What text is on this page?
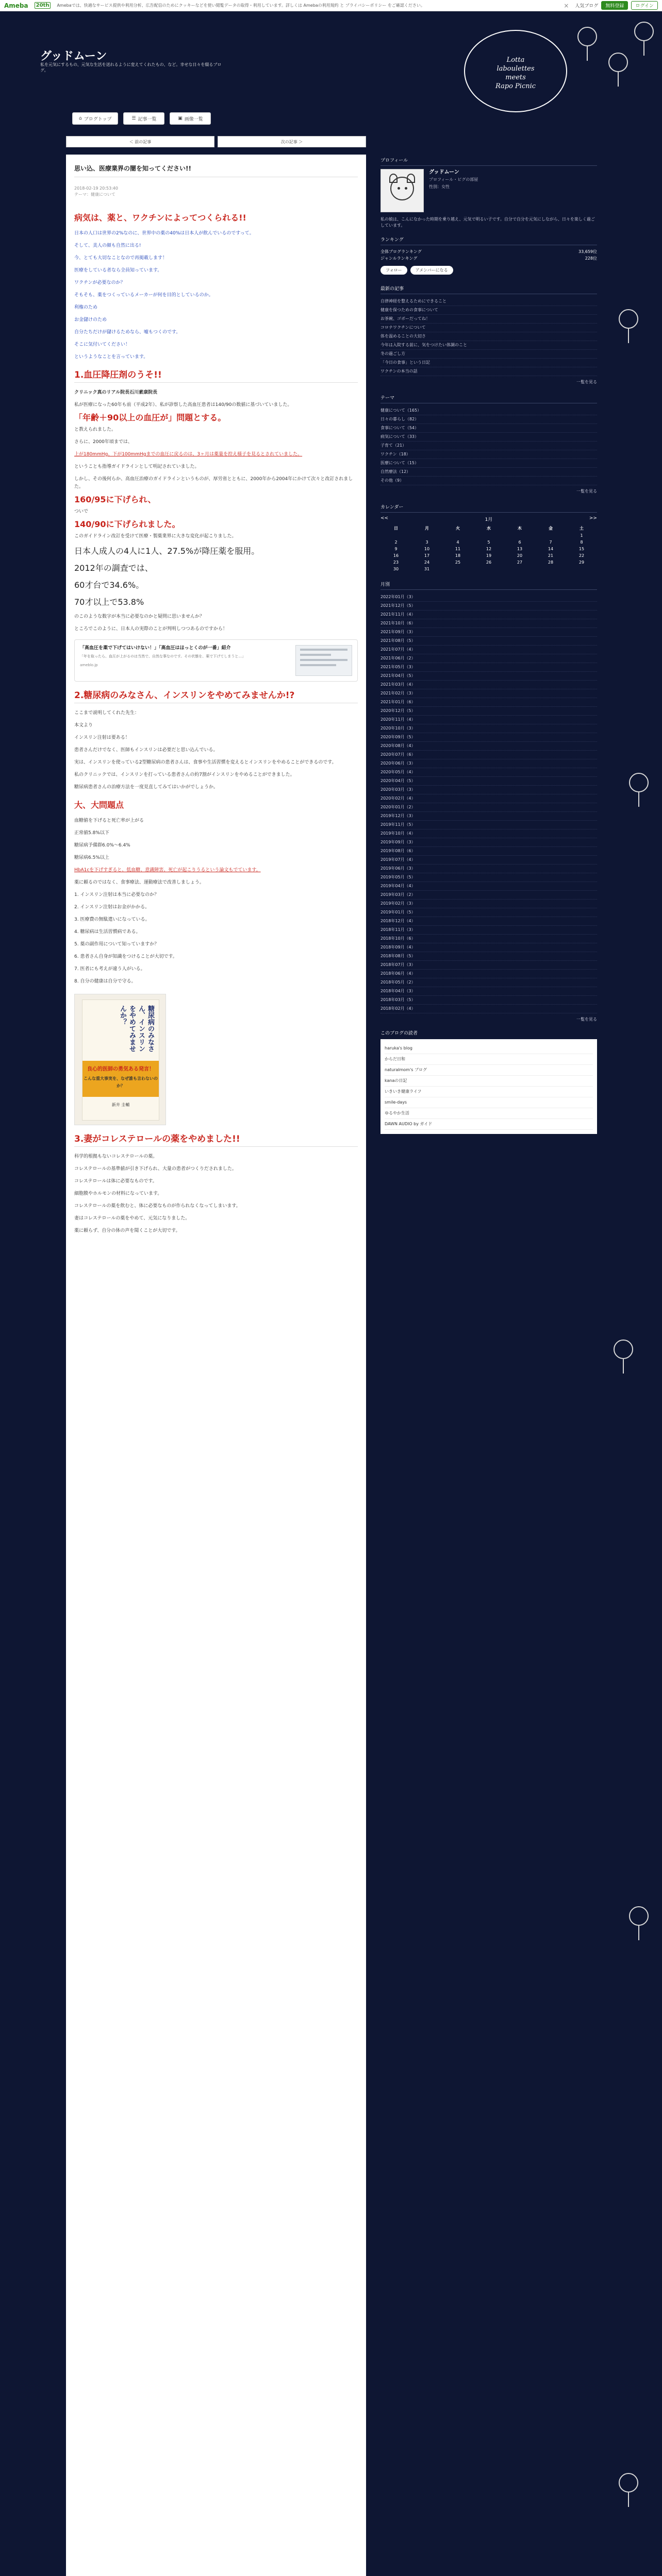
Ameba	20th	Amebaでは、快適なサービス提供や利用分析、広告配信のためにクッキーなどを使い閲覧データの取得・利用しています。詳しくは Amebaの利用規約 と プライバシーポリシー をご確認ください。	× 人気ブログ	無料登録	ログイン
グッドムーン
私を元気にするもの、元気な生活を送れるように変えてくれたもの、など。幸せな日々を綴るブログ。
Lotta
laboulettes
meets
Rapo Picnic
⌂ ブログトップ	☰ 記事一覧	▣ 画像一覧
＜ 前の記事	次の記事 ＞
思い込、医療業界の闇を知ってください!!
2018-02-19 20:53:40
テーマ：健康について
病気は、薬と、ワクチンによってつくられる!!

日本の人口は世界の2%なのに、世界中の薬の40%は日本人が飲んでいるのですって。

そして、美人の顔も自然に出る!

今、とても大切なことなので再掲載します！

医療をしている者なら全員知っています。

ワクチンが必要なのか？

そもそも、薬をつくっているメーカーが何を目的としているのか。

利権のため

お金儲けのため

自分たちだけが儲けるためなら、嘘もつくのです。

そこに気付いてください！

というようなことを言っています。

1.血圧降圧剤のうそ!!

クリニック真のリアル院長石川素康院長

私が医療になった60年も前（平成2年）、私が診察した高血圧患者は140/90の数値に基づいていました。

「年齢＋90以上の血圧が」問題とする。

と教えられました。

さらに、2000年頃までは、

上が180mmHg、下が100mmHgまでの血圧に戻るのは、3ヶ月は薬量を控え様子を見るとされていました。

ということも指導ガイドラインとして明記されていました。

しかし、その後何らか、高血圧治療のガイドラインというものが、厚労省とともに、2000年から2004年にかけて次々と改訂されました。

160/95に下げられ、

ついで

140/90に下げられました。

このガイドライン改訂を受けて医療・製薬業界に大きな変化が起こりました。

日本人成人の4人に1人、27.5%が降圧薬を服用。

2012年の調査では、

60才台で34.6%。

70才以上で53.8%

のこのような数字が本当に必要なのかと疑問に思いませんか？

ところでこのように、日本人の実際のことが判明しつつあるのですから！

「高血圧を薬で下げてはいけない！」「高血圧はほっとくのが一番」紹介
「年を取ったら、血圧が上がるのは当然で、自然な事なのです。その状態を、薬で下げてしまうと…」
ameblo.jp
2.糖尿病のみなさん、インスリンをやめてみませんか!?

ここまで説明してくれた先生：

本文より

インスリン注射は要ある！

患者さんだけでなく、医師もインスリンは必要だと思い込んでいる。

実は、インスリンを使っている2型糖尿病の患者さんは、食事や生活習慣を変えるとインスリンをやめることができるのです。

私のクリニックでは、インスリンを打っている患者さんの約7割がインスリンをやめることができました。

糖尿病患者さんの治療方法を一度見直してみてはいかがでしょうか。

大、大問題点

血糖値を下げると死亡率が上がる

正常値5.8%以下

糖尿病予備群6.0%〜6.4%

糖尿病6.5%以上

HbA1cを下げすぎると、低血糖、意識障害、死亡が起こりうるという論文もでています。

薬に頼るのではなく、食事療法、運動療法で改善しましょう。

1. インスリン注射は本当に必要なのか？

2. インスリン注射はお金がかかる。

3. 医療費の無駄遣いになっている。

4. 糖尿病は生活習慣病である。

5. 薬の副作用について知っていますか？

6. 患者さん自身が知識をつけることが大切です。

7. 医者にも考えが違う人がいる。

8. 自分の健康は自分で守る。

糖尿病のみなさん、インスリンをやめてみませんか？
良心的医師の勇気ある発言！
こんな重大事実を、なぜ誰も言わないのか？
新井 圭輔
3.妻がコレステロールの薬をやめました!!

科学的根拠もないコレステロールの薬。

コレステロールの基準値が引き下げられ、大量の患者がつくりだされました。

コレステロールは体に必要なものです。

細胞膜やホルモンの材料になっています。

コレステロールの薬を飲むと、体に必要なものが作られなくなってしまいます。

妻はコレステロールの薬をやめて、元気になりました。

薬に頼らず、自分の体の声を聞くことが大切です。

プロフィール
グッドムーン
プロフィール・ピグの部屋
性別：女性
私の娘は、こんになかった時期を乗り越え、元気で明るい子です。自分で自分を元気にしながら、日々を楽しく過ごしています。
ランキング
全体ブログランキング	33,659位
ジャンルランキング	228位
フォロー	アメンバーになる
最新の記事
自律神経を整えるためにできること
健康を保つための食事について
お茶碗、ゴボーだってね！
コロナワクチンについて
体を温めることの大切さ
今年は入院する前に、気をつけたい体調のこと
冬の過ごし方
「今日の食事」という日記
ワクチンの本当の話
一覧を見る
テーマ
健康について（165）
日々の暮らし（82）
食事について（54）
病気について（33）
子育て（21）
ワクチン（18）
医療について（15）
自然療法（12）
その他（9）
一覧を見る
カレンダー
<<	1月	>>
日	月	火	水	木	金	土
						1
2	3	4	5	6	7	8
9	10	11	12	13	14	15
16	17	18	19	20	21	22
23	24	25	26	27	28	29
30	31					
月別
2022年01月（3）
2021年12月（5）
2021年11月（4）
2021年10月（6）
2021年09月（3）
2021年08月（5）
2021年07月（4）
2021年06月（2）
2021年05月（3）
2021年04月（5）
2021年03月（4）
2021年02月（3）
2021年01月（6）
2020年12月（5）
2020年11月（4）
2020年10月（3）
2020年09月（5）
2020年08月（4）
2020年07月（6）
2020年06月（3）
2020年05月（4）
2020年04月（5）
2020年03月（3）
2020年02月（4）
2020年01月（2）
2019年12月（3）
2019年11月（5）
2019年10月（4）
2019年09月（3）
2019年08月（6）
2019年07月（4）
2019年06月（3）
2019年05月（5）
2019年04月（4）
2019年03月（2）
2019年02月（3）
2019年01月（5）
2018年12月（4）
2018年11月（3）
2018年10月（6）
2018年09月（4）
2018年08月（5）
2018年07月（3）
2018年06月（4）
2018年05月（2）
2018年04月（3）
2018年03月（5）
2018年02月（4）
一覧を見る
このブログの読者
haruka's blog
からだ日和
naturalmom's ブログ
kanaの日記
いきいき健康ライフ
smile-days
ゆるやか生活
DAWN AUDIO by ガイド
